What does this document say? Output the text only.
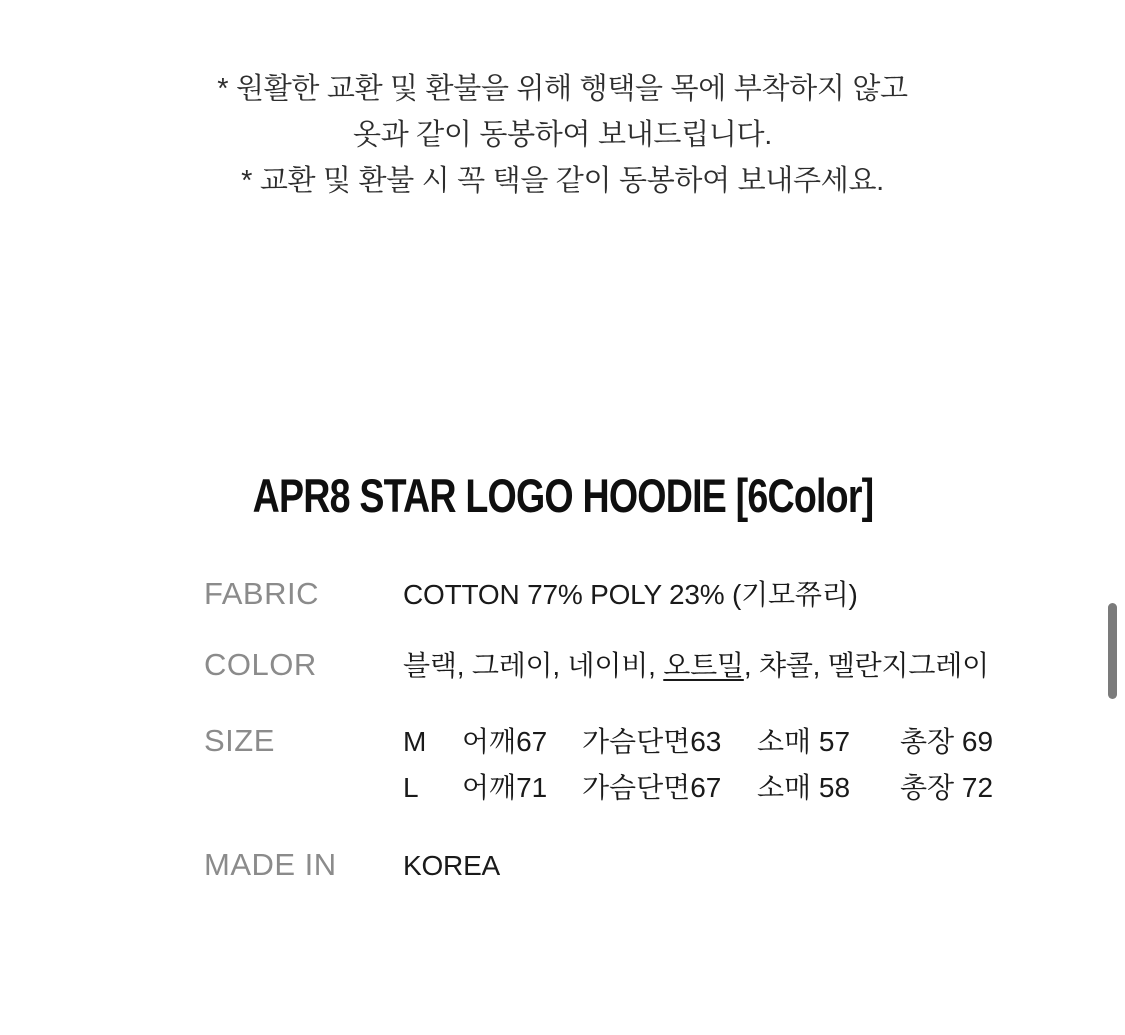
* 원활한 교환 및 환불을 위해 행택을 목에 부착하지 않고
옷과 같이 동봉하여 보내드립니다.
* 교환 및 환불 시 꼭 택을 같이 동봉하여 보내주세요.
APR8 STAR LOGO HOODIE [6Color]
FABRIC	COTTON 77% POLY 23% (기모쮸리)
COLOR	블랙, 그레이, 네이비, 오트밀, 챠콜, 멜란지그레이
SIZE	M	어깨67	가슴단면63	소매 57	총장 69
L	어깨71	가슴단면67	소매 58	총장 72
MADE IN	KOREA
